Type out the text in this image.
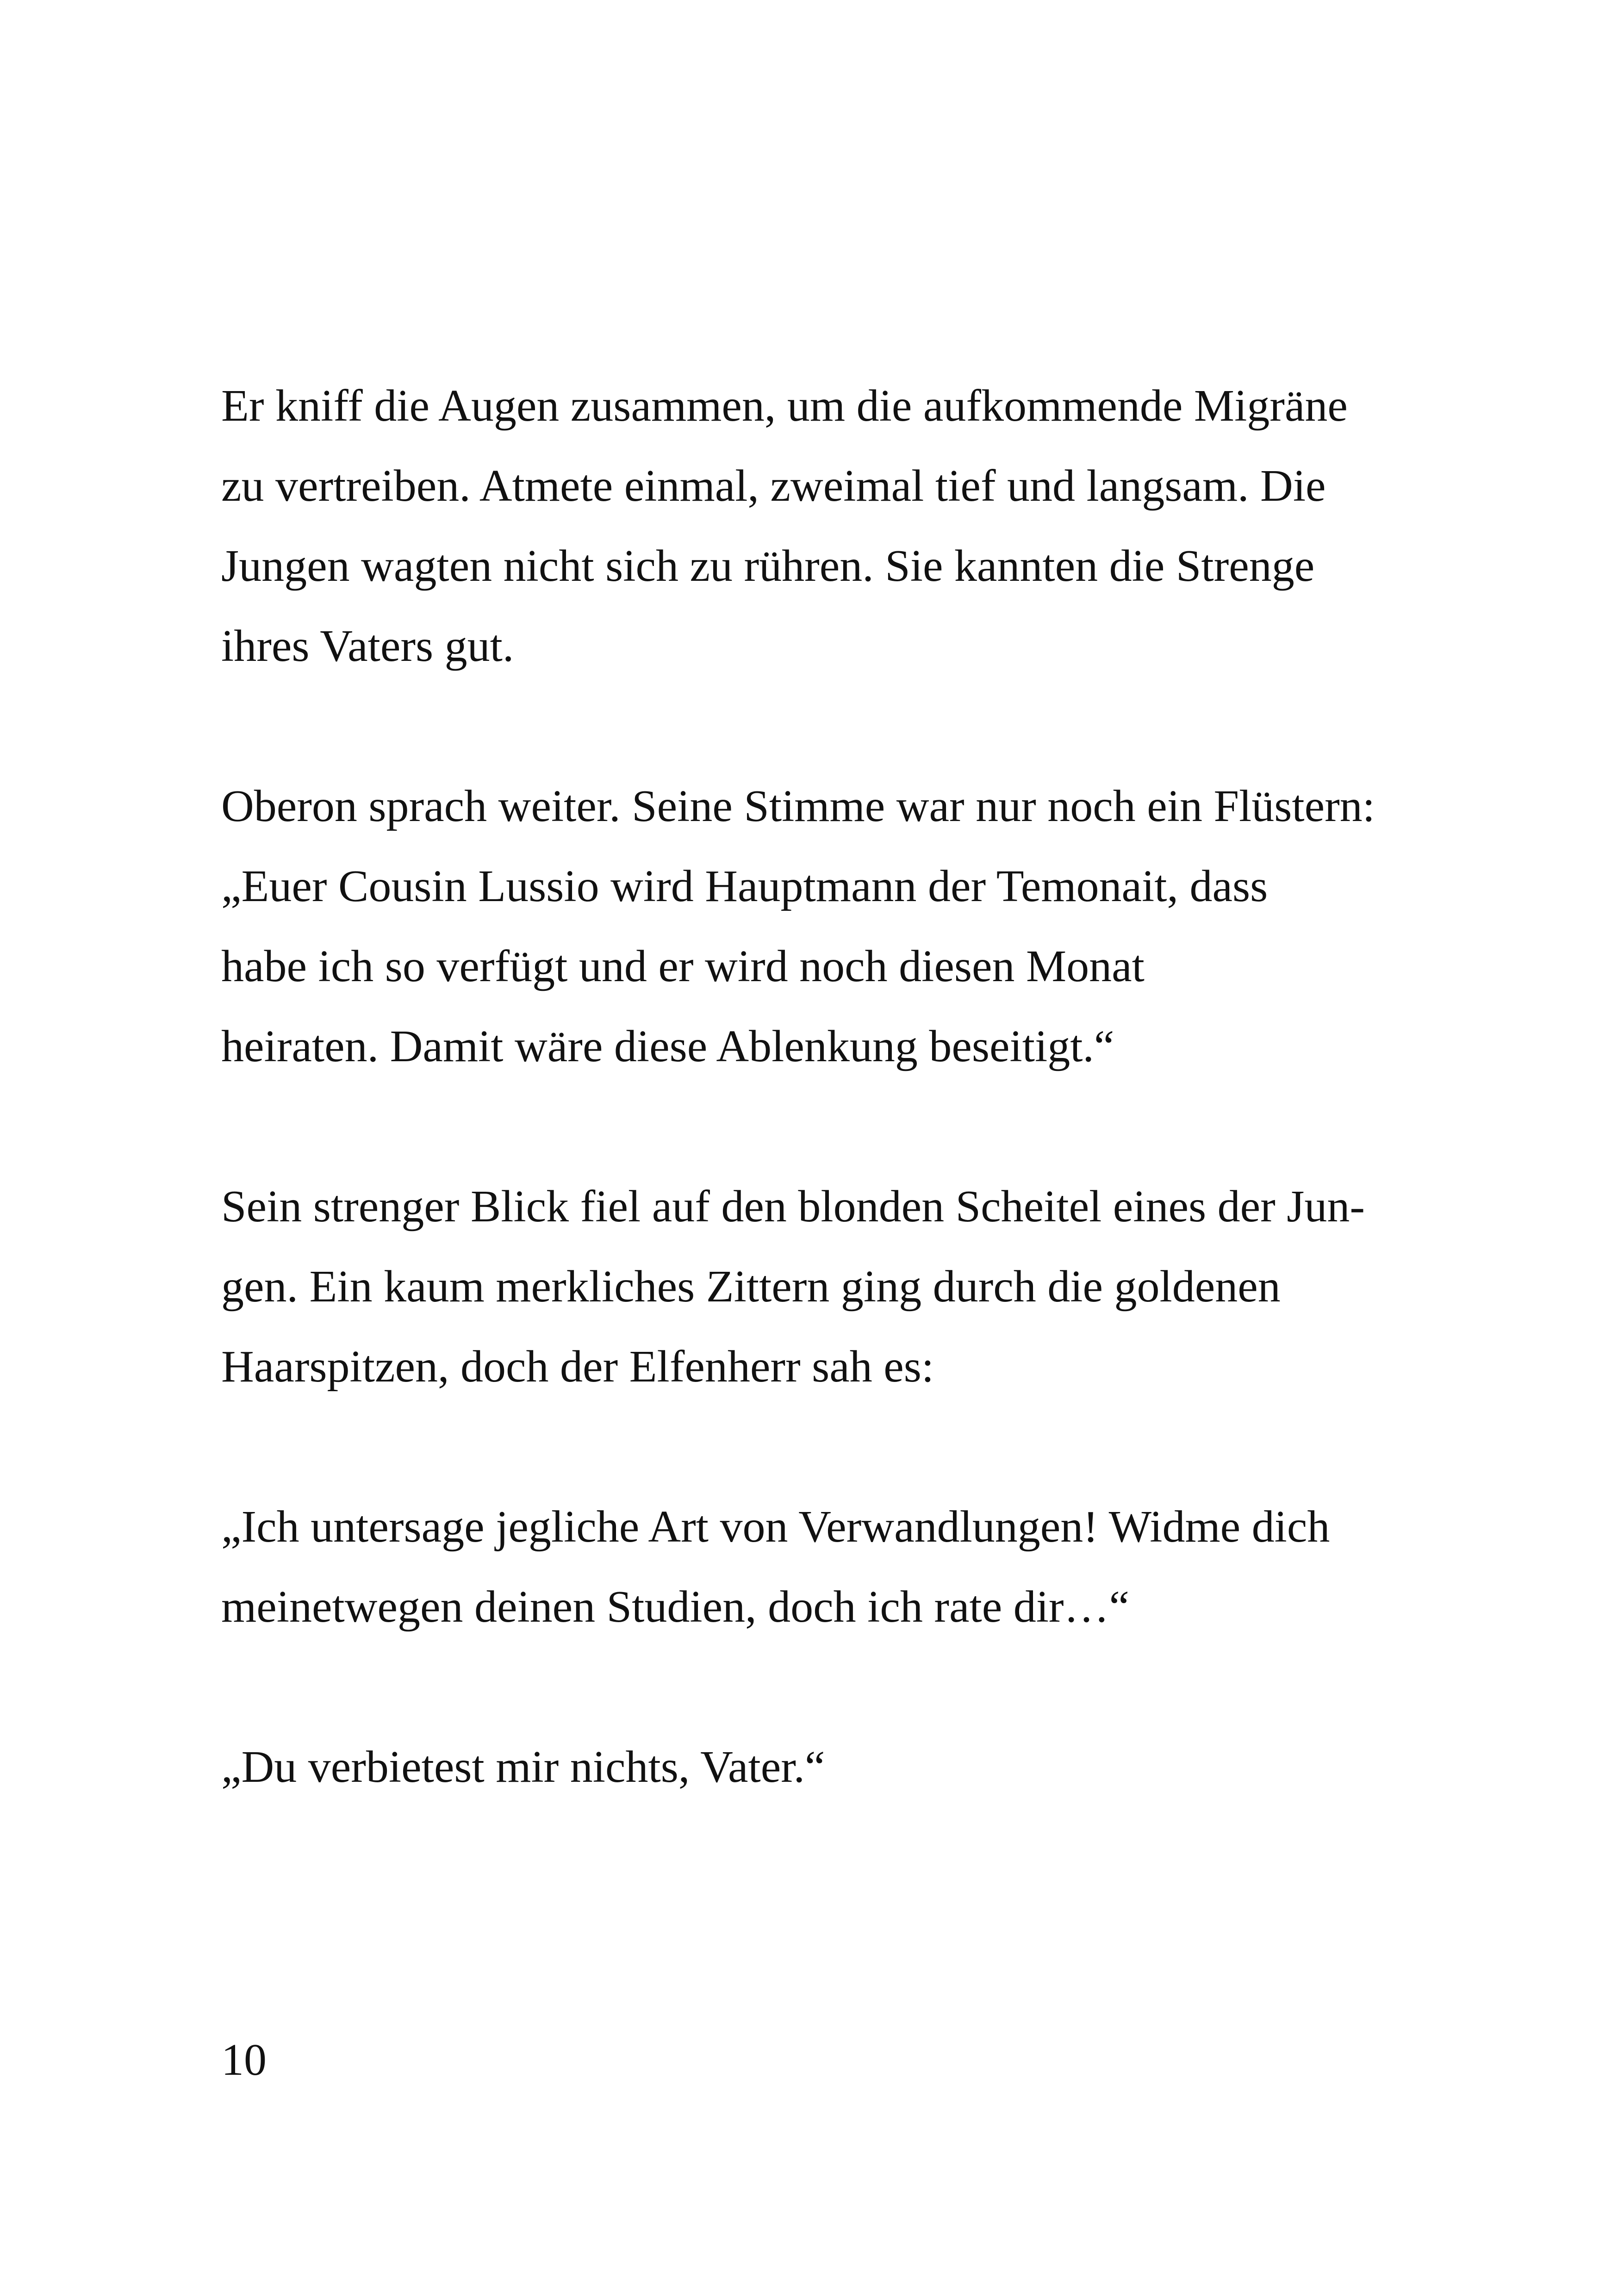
Er kniff die Augen zusammen, um die aufkommende Migräne

zu vertreiben. Atmete einmal, zweimal tief und langsam. Die

Jungen wagten nicht sich zu rühren. Sie kannten die Strenge

ihres Vaters gut.

Oberon sprach weiter. Seine Stimme war nur noch ein Flüstern:

„Euer Cousin Lussio wird Hauptmann der Temonait, dass

habe ich so verfügt und er wird noch diesen Monat

heiraten. Damit wäre diese Ablenkung beseitigt.“

Sein strenger Blick fiel auf den blonden Scheitel eines der Jun-

gen. Ein kaum merkliches Zittern ging durch die goldenen

Haarspitzen, doch der Elfenherr sah es:

„Ich untersage jegliche Art von Verwandlungen! Widme dich

meinetwegen deinen Studien, doch ich rate dir…“

„Du verbietest mir nichts, Vater.“

10
